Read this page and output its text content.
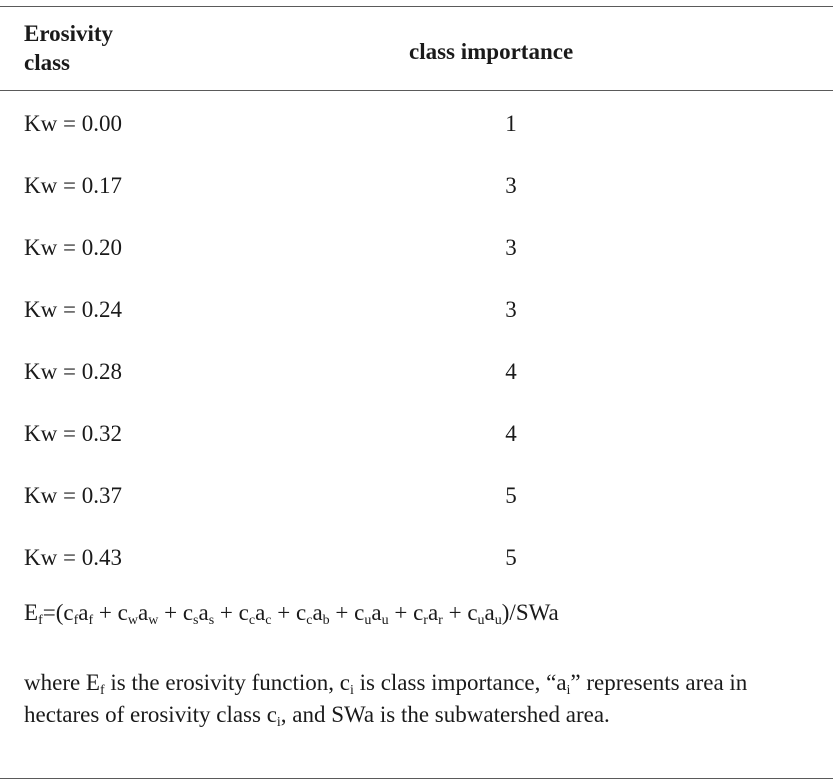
Erosivity
class	class importance
Kw = 0.00	1
Kw = 0.17	3
Kw = 0.20	3
Kw = 0.24	3
Kw = 0.28	4
Kw = 0.32	4
Kw = 0.37	5
Kw = 0.43	5
$E_f=(c_fa_f + c_wa_w + c_sa_s + c_ca_c + c_ca_b + c_ua_u + c_ra_r + c_ua_u)/SWa$
where $E_f$ is the erosivity function, $c_i$ is class importance, “$a_i$” represents area in hectares of erosivity class $c_i$, and SWa is the subwatershed area.
